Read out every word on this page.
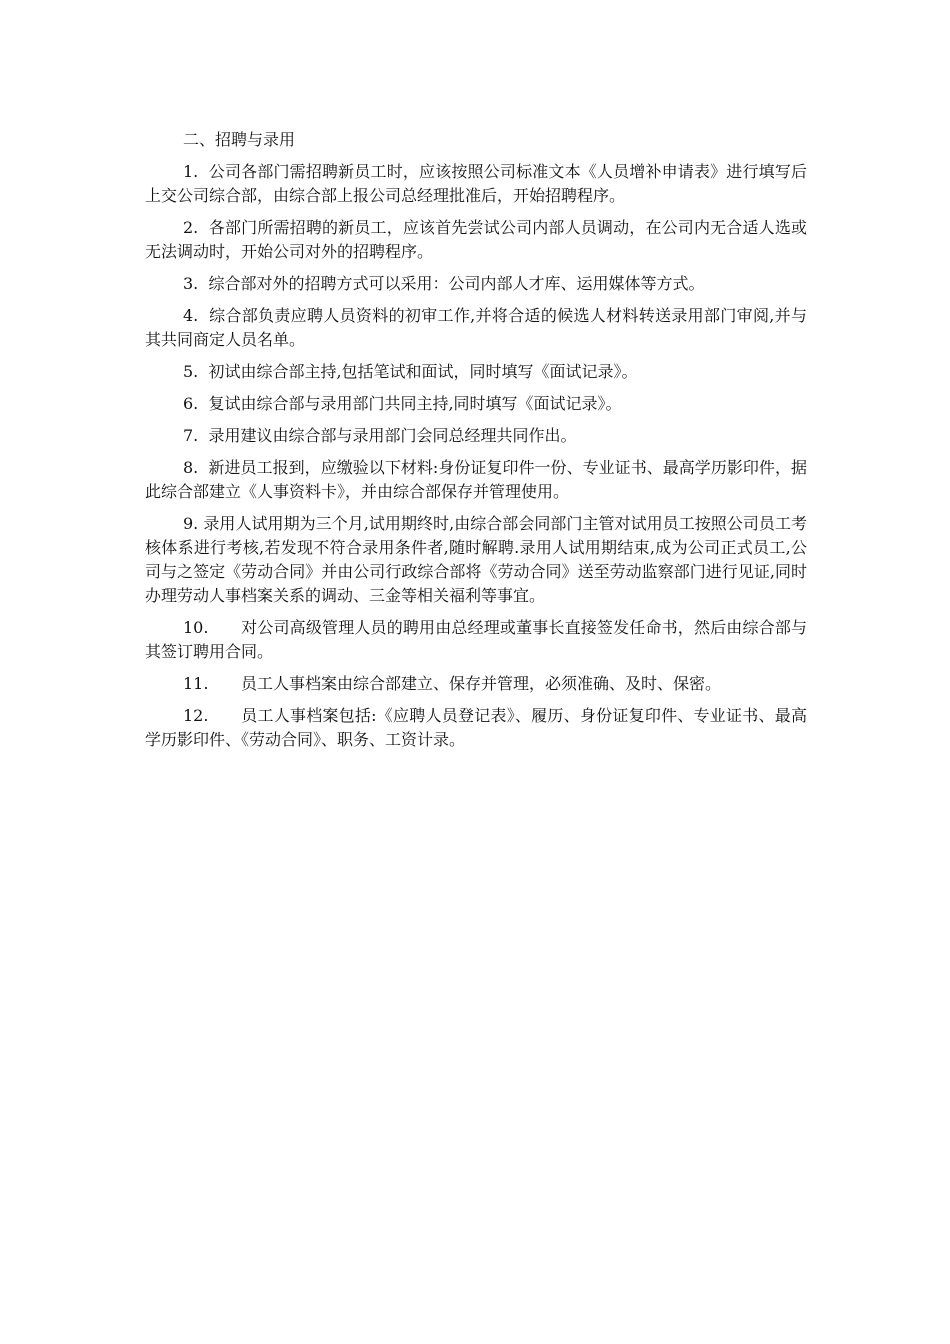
二、招聘与录用

1. 公司各部门需招聘新员工时，应该按照公司标准文本《人员增补申请表》进行填写后上交公司综合部，由综合部上报公司总经理批准后，开始招聘程序。

2. 各部门所需招聘的新员工，应该首先尝试公司内部人员调动，在公司内无合适人选或无法调动时，开始公司对外的招聘程序。

3. 综合部对外的招聘方式可以采用：公司内部人才库、运用媒体等方式。

4. 综合部负责应聘人员资料的初审工作,并将合适的候选人材料转送录用部门审阅,并与其共同商定人员名单。

5. 初试由综合部主持,包括笔试和面试，同时填写《面试记录》。

6. 复试由综合部与录用部门共同主持,同时填写《面试记录》。

7. 录用建议由综合部与录用部门会同总经理共同作出。

8. 新进员工报到，应缴验以下材料:身份证复印件一份、专业证书、最高学历影印件，据此综合部建立《人事资料卡》，并由综合部保存并管理使用。

9. 录用人试用期为三个月,试用期终时,由综合部会同部门主管对试用员工按照公司员工考核体系进行考核,若发现不符合录用条件者,随时解聘.录用人试用期结束,成为公司正式员工,公司与之签定《劳动合同》并由公司行政综合部将《劳动合同》送至劳动监察部门进行见证,同时办理劳动人事档案关系的调动、三金等相关福利等事宜。

10. 对公司高级管理人员的聘用由总经理或董事长直接签发任命书，然后由综合部与其签订聘用合同。

11. 员工人事档案由综合部建立、保存并管理，必须准确、及时、保密。

12. 员工人事档案包括:《应聘人员登记表》、履历、身份证复印件、专业证书、最高学历影印件、《劳动合同》、职务、工资计录。
